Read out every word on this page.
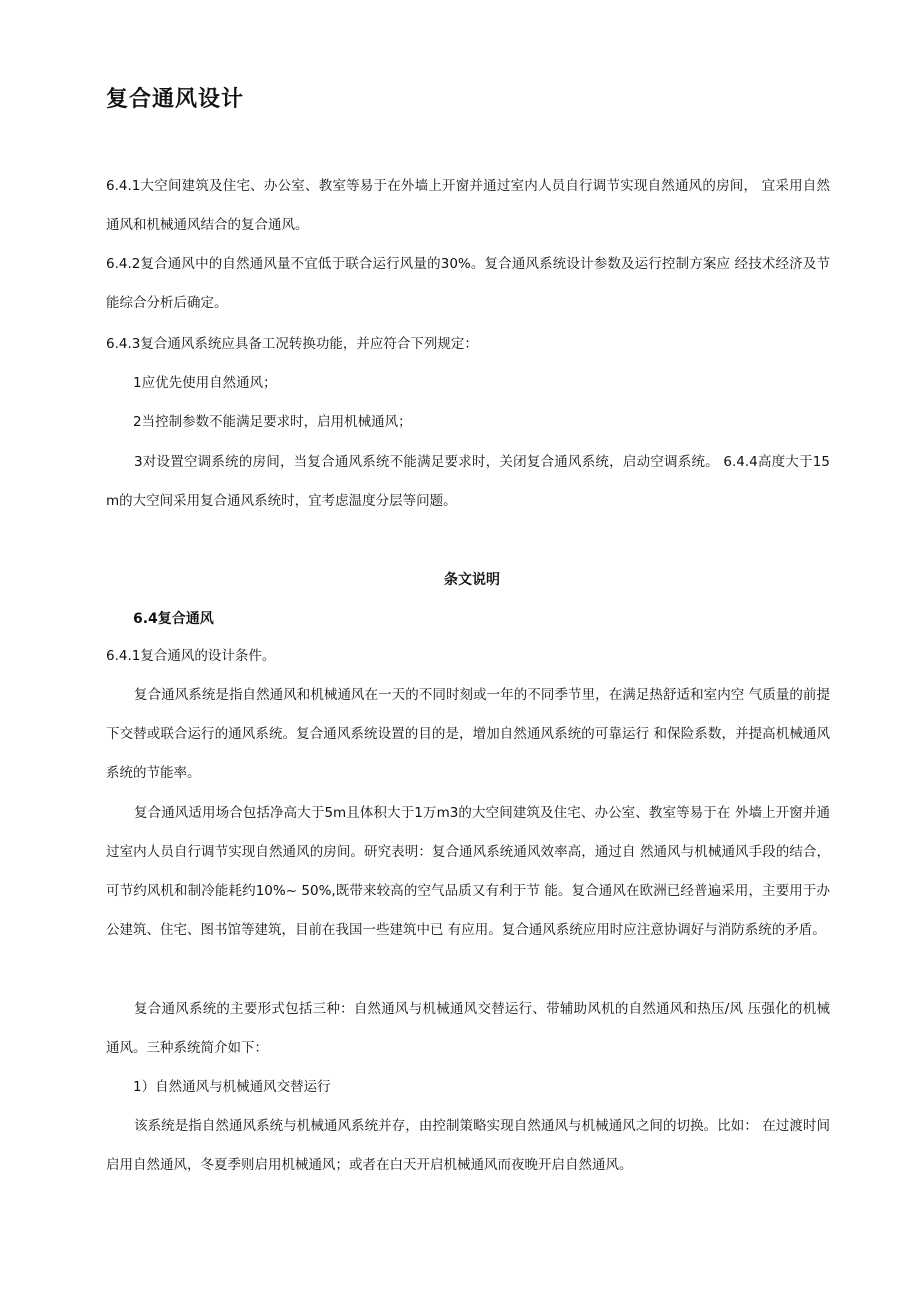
复合通风设计

6.4.1大空间建筑及住宅、办公室、教室等易于在外墙上开窗并通过室内人员自行调节实现自然通风的房间， 宜采用自然通风和机械通风结合的复合通风。

6.4.2复合通风中的自然通风量不宜低于联合运行风量的30%。复合通风系统设计参数及运行控制方案应 经技术经济及节能综合分析后确定。

6.4.3复合通风系统应具备工况转换功能，并应符合下列规定：

1应优先使用自然通风；

2当控制参数不能满足要求时，启用机械通风；

3对设置空调系统的房间，当复合通风系统不能满足要求时，关闭复合通风系统，启动空调系统。 6.4.4高度大于15m的大空间采用复合通风系统时，宜考虑温度分层等问题。

条文说明
6.4复合通风

6.4.1复合通风的设计条件。

复合通风系统是指自然通风和机械通风在一天的不同时刻或一年的不同季节里，在满足热舒适和室内空 气质量的前提下交替或联合运行的通风系统。复合通风系统设置的目的是，增加自然通风系统的可靠运行 和保险系数，并提高机械通风系统的节能率。

复合通风适用场合包括净高大于5m且体积大于1万m3的大空间建筑及住宅、办公室、教室等易于在 外墙上开窗并通过室内人员自行调节实现自然通风的房间。研究表明：复合通风系统通风效率高，通过自 然通风与机械通风手段的结合，可节约风机和制冷能耗约10%~ 50%,既带来较高的空气品质又有利于节 能。复合通风在欧洲已经普遍采用，主要用于办公建筑、住宅、图书馆等建筑，目前在我国一些建筑中已 有应用。复合通风系统应用时应注意协调好与消防系统的矛盾。

复合通风系统的主要形式包括三种：自然通风与机械通风交替运行、带辅助风机的自然通风和热压/风 压强化的机械通风。三种系统简介如下：

1）自然通风与机械通风交替运行

该系统是指自然通风系统与机械通风系统并存，由控制策略实现自然通风与机械通风之间的切换。比如： 在过渡时间启用自然通风，冬夏季则启用机械通风；或者在白天开启机械通风而夜晚开启自然通风。
